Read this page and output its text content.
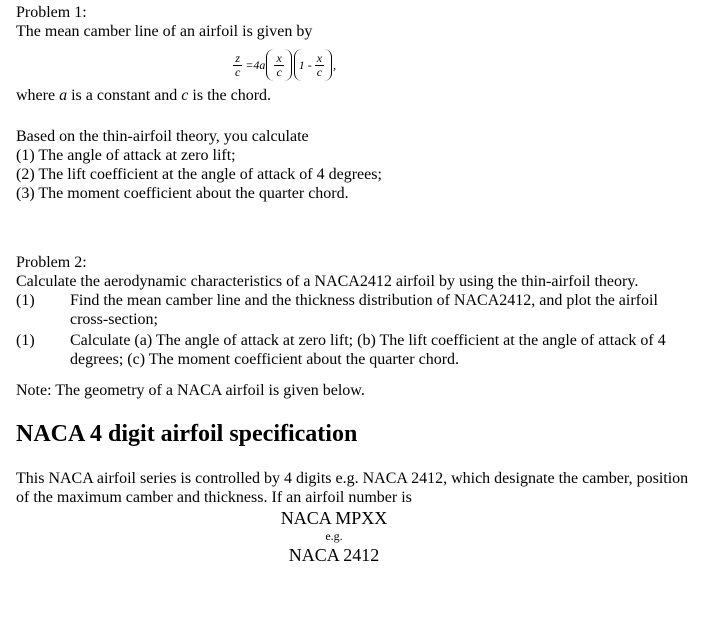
Problem 1:

The mean camber line of an airfoil is given by

$\frac{z}{c} =4a \frac{x}{c} 1 - \frac{x}{c}$ ,

where a is a constant and c is the chord.

Based on the thin-airfoil theory, you calculate

(1) The angle of attack at zero lift;

(2) The lift coefficient at the angle of attack of 4 degrees;

(3) The moment coefficient about the quarter chord.

Problem 2:

Calculate the aerodynamic characteristics of a NACA2412 airfoil by using the thin-airfoil theory.

(1)	Find the mean camber line and the thickness distribution of NACA2412, and plot the airfoil cross-section;
(1)	Calculate (a) The angle of attack at zero lift; (b) The lift coefficient at the angle of attack of 4 degrees; (c) The moment coefficient about the quarter chord.

Note: The geometry of a NACA airfoil is given below.

NACA 4 digit airfoil specification

This NACA airfoil series is controlled by 4 digits e.g. NACA 2412, which designate the camber, position of the maximum camber and thickness. If an airfoil number is

NACA MPXX

e.g.

NACA 2412
